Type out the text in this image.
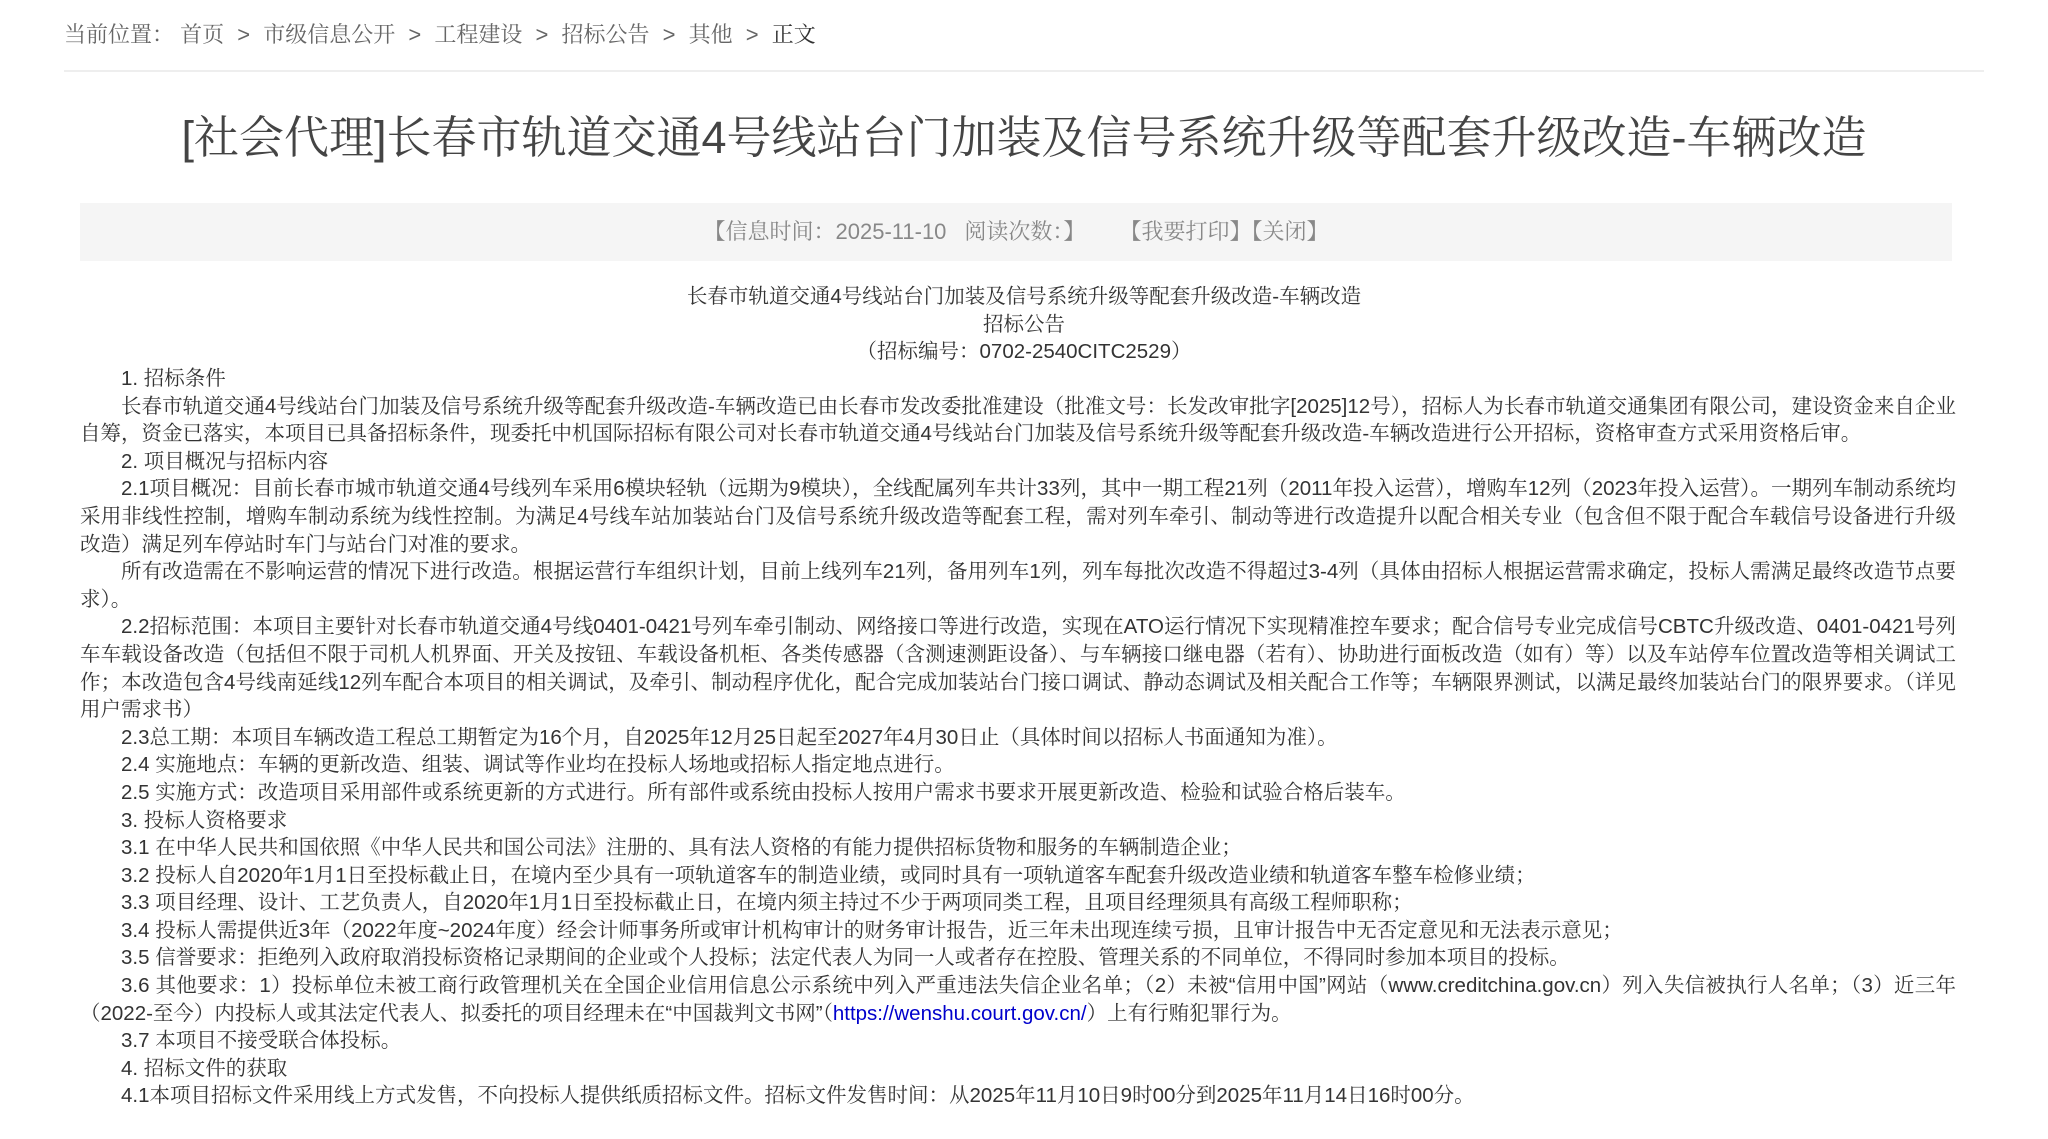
当前位置： 首页 > 市级信息公开 > 工程建设 > 招标公告 > 其他 > 正文
[社会代理]长春市轨道交通4号线站台门加装及信号系统升级等配套升级改造-车辆改造
【信息时间：2025-11-10 阅读次数：】 【我要打印】【关闭】
长春市轨道交通4号线站台门加装及信号系统升级等配套升级改造-车辆改造
招标公告
（招标编号：0702-2540CITC2529）

1. 招标条件

长春市轨道交通4号线站台门加装及信号系统升级等配套升级改造-车辆改造已由长春市发改委批准建设（批准文号：长发改审批字[2025]12号），招标人为长春市轨道交通集团有限公司，建设资金来自企业自筹，资金已落实，本项目已具备招标条件，现委托中机国际招标有限公司对长春市轨道交通4号线站台门加装及信号系统升级等配套升级改造-车辆改造进行公开招标，资格审查方式采用资格后审。

2. 项目概况与招标内容

2.1项目概况：目前长春市城市轨道交通4号线列车采用6模块轻轨（远期为9模块），全线配属列车共计33列，其中一期工程21列（2011年投入运营），增购车12列（2023年投入运营）。一期列车制动系统均采用非线性控制，增购车制动系统为线性控制。为满足4号线车站加装站台门及信号系统升级改造等配套工程，需对列车牵引、制动等进行改造提升以配合相关专业（包含但不限于配合车载信号设备进行升级改造）满足列车停站时车门与站台门对准的要求。

所有改造需在不影响运营的情况下进行改造。根据运营行车组织计划，目前上线列车21列，备用列车1列，列车每批次改造不得超过3-4列（具体由招标人根据运营需求确定，投标人需满足最终改造节点要求）。

2.2招标范围：本项目主要针对长春市轨道交通4号线0401-0421号列车牵引制动、网络接口等进行改造，实现在ATO运行情况下实现精准控车要求；配合信号专业完成信号CBTC升级改造、0401-0421号列车车载设备改造（包括但不限于司机人机界面、开关及按钮、车载设备机柜、各类传感器（含测速测距设备）、与车辆接口继电器（若有）、协助进行面板改造（如有）等）以及车站停车位置改造等相关调试工作；本改造包含4号线南延线12列车配合本项目的相关调试，及牵引、制动程序优化，配合完成加装站台门接口调试、静动态调试及相关配合工作等；车辆限界测试，以满足最终加装站台门的限界要求。（详见用户需求书）

2.3总工期：本项目车辆改造工程总工期暂定为16个月，自2025年12月25日起至2027年4月30日止（具体时间以招标人书面通知为准）。

2.4 实施地点：车辆的更新改造、组装、调试等作业均在投标人场地或招标人指定地点进行。

2.5 实施方式：改造项目采用部件或系统更新的方式进行。所有部件或系统由投标人按用户需求书要求开展更新改造、检验和试验合格后装车。

3. 投标人资格要求

3.1 在中华人民共和国依照《中华人民共和国公司法》注册的、具有法人资格的有能力提供招标货物和服务的车辆制造企业；

3.2 投标人自2020年1月1日至投标截止日，在境内至少具有一项轨道客车的制造业绩，或同时具有一项轨道客车配套升级改造业绩和轨道客车整车检修业绩；

3.3 项目经理、设计、工艺负责人，自2020年1月1日至投标截止日，在境内须主持过不少于两项同类工程，且项目经理须具有高级工程师职称；

3.4 投标人需提供近3年（2022年度~2024年度）经会计师事务所或审计机构审计的财务审计报告，近三年未出现连续亏损，且审计报告中无否定意见和无法表示意见；

3.5 信誉要求：拒绝列入政府取消投标资格记录期间的企业或个人投标；法定代表人为同一人或者存在控股、管理关系的不同单位，不得同时参加本项目的投标。

3.6 其他要求：1）投标单位未被工商行政管理机关在全国企业信用信息公示系统中列入严重违法失信企业名单；（2）未被“信用中国”网站（www.creditchina.gov.cn）列入失信被执行人名单；（3）近三年（2022-至今）内投标人或其法定代表人、拟委托的项目经理未在“中国裁判文书网”（https://wenshu.court.gov.cn/）上有行贿犯罪行为。

3.7 本项目不接受联合体投标。

4. 招标文件的获取

4.1本项目招标文件采用线上方式发售，不向投标人提供纸质招标文件。招标文件发售时间：从2025年11月10日9时00分到2025年11月14日16时00分。
